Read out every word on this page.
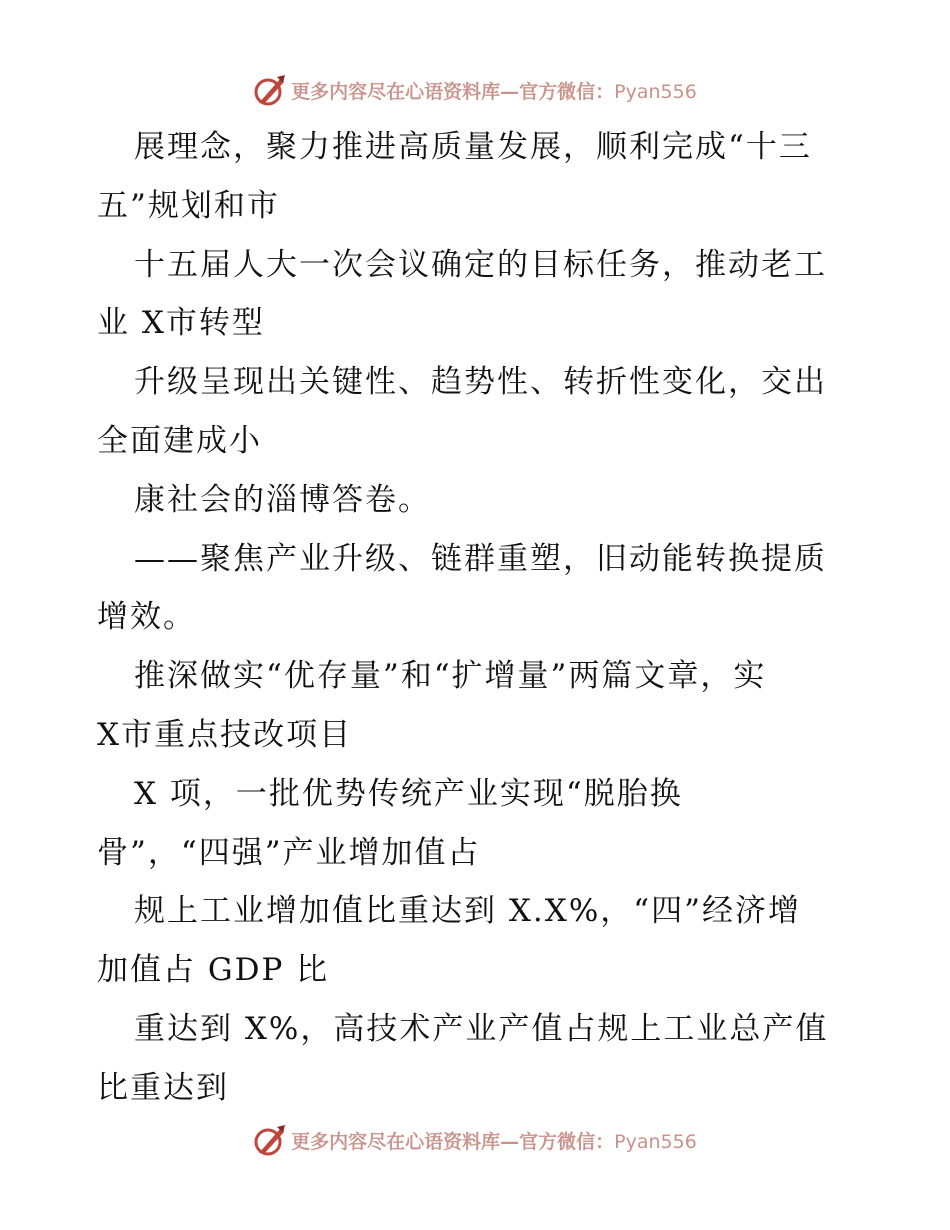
更多内容尽在心语资料库—官方微信：Pyan556
展理念，聚力推进高质量发展，顺利完成“十三
五”规划和市
十五届人大一次会议确定的目标任务，推动老工
业 X市转型
升级呈现出关键性、趋势性、转折性变化，交出
全面建成小
康社会的淄博答卷。
——聚焦产业升级、链群重塑，旧动能转换提质
增效。
推深做实“优存量”和“扩增量”两篇文章，实
X市重点技改项目
X 项，一批优势传统产业实现“脱胎换
骨”，“四强”产业增加值占
规上工业增加值比重达到 X.X%，“四”经济增
加值占 GDP 比
重达到 X%，高技术产业产值占规上工业总产值
比重达到
更多内容尽在心语资料库—官方微信：Pyan556
